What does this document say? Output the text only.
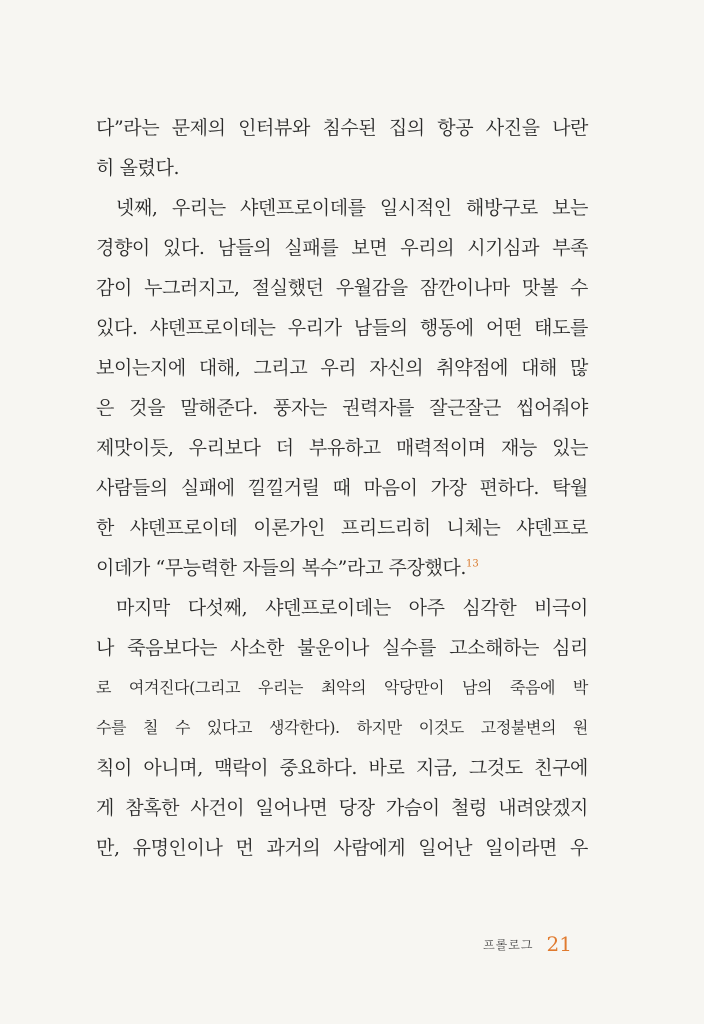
다”라는 문제의 인터뷰와 침수된 집의 항공 사진을 나란
히 올렸다.
넷째, 우리는 샤덴프로이데를 일시적인 해방구로 보는
경향이 있다. 남들의 실패를 보면 우리의 시기심과 부족
감이 누그러지고, 절실했던 우월감을 잠깐이나마 맛볼 수
있다. 샤덴프로이데는 우리가 남들의 행동에 어떤 태도를
보이는지에 대해, 그리고 우리 자신의 취약점에 대해 많
은 것을 말해준다. 풍자는 권력자를 잘근잘근 씹어줘야
제맛이듯, 우리보다 더 부유하고 매력적이며 재능 있는
사람들의 실패에 낄낄거릴 때 마음이 가장 편하다. 탁월
한 샤덴프로이데 이론가인 프리드리히 니체는 샤덴프로
이데가 “무능력한 자들의 복수”라고 주장했다.$^{13}$
마지막 다섯째, 샤덴프로이데는 아주 심각한 비극이
나 죽음보다는 사소한 불운이나 실수를 고소해하는 심리
로 여겨진다(그리고 우리는 최악의 악당만이 남의 죽음에 박
수를 칠 수 있다고 생각한다). 하지만 이것도 고정불변의 원
칙이 아니며, 맥락이 중요하다. 바로 지금, 그것도 친구에
게 참혹한 사건이 일어나면 당장 가슴이 철렁 내려앉겠지
만, 유명인이나 먼 과거의 사람에게 일어난 일이라면 우
프롤로그 21
